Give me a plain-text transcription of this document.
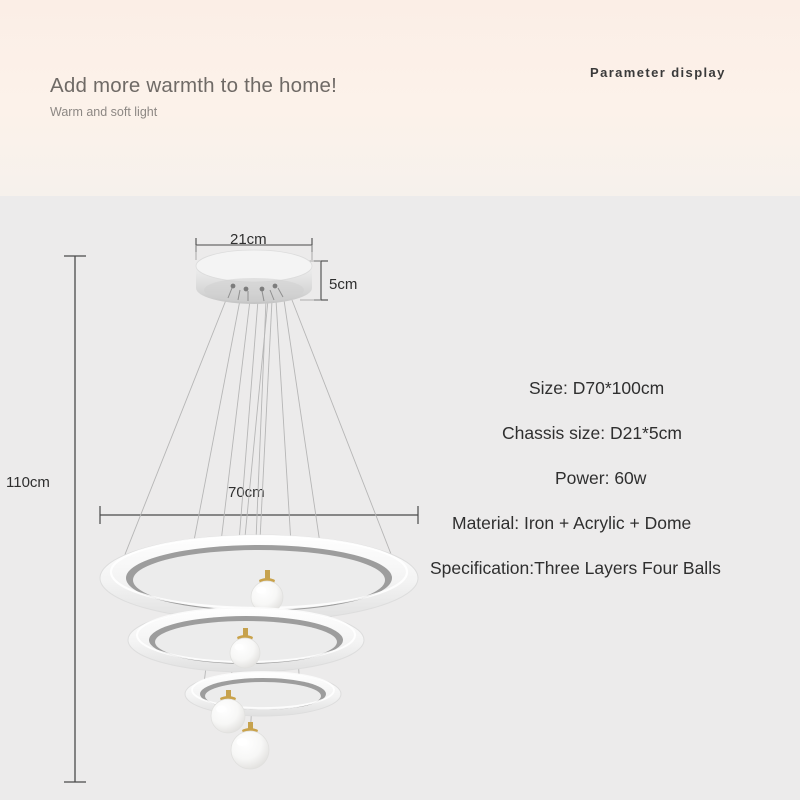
Add more warmth to the home!
Warm and soft light
Parameter display
Size: D70*100cm
Chassis size: D21*5cm
Power: 60w
Material: Iron + Acrylic + Dome
Specification:Three Layers Four Balls
21cm
5cm
70cm
110cm
